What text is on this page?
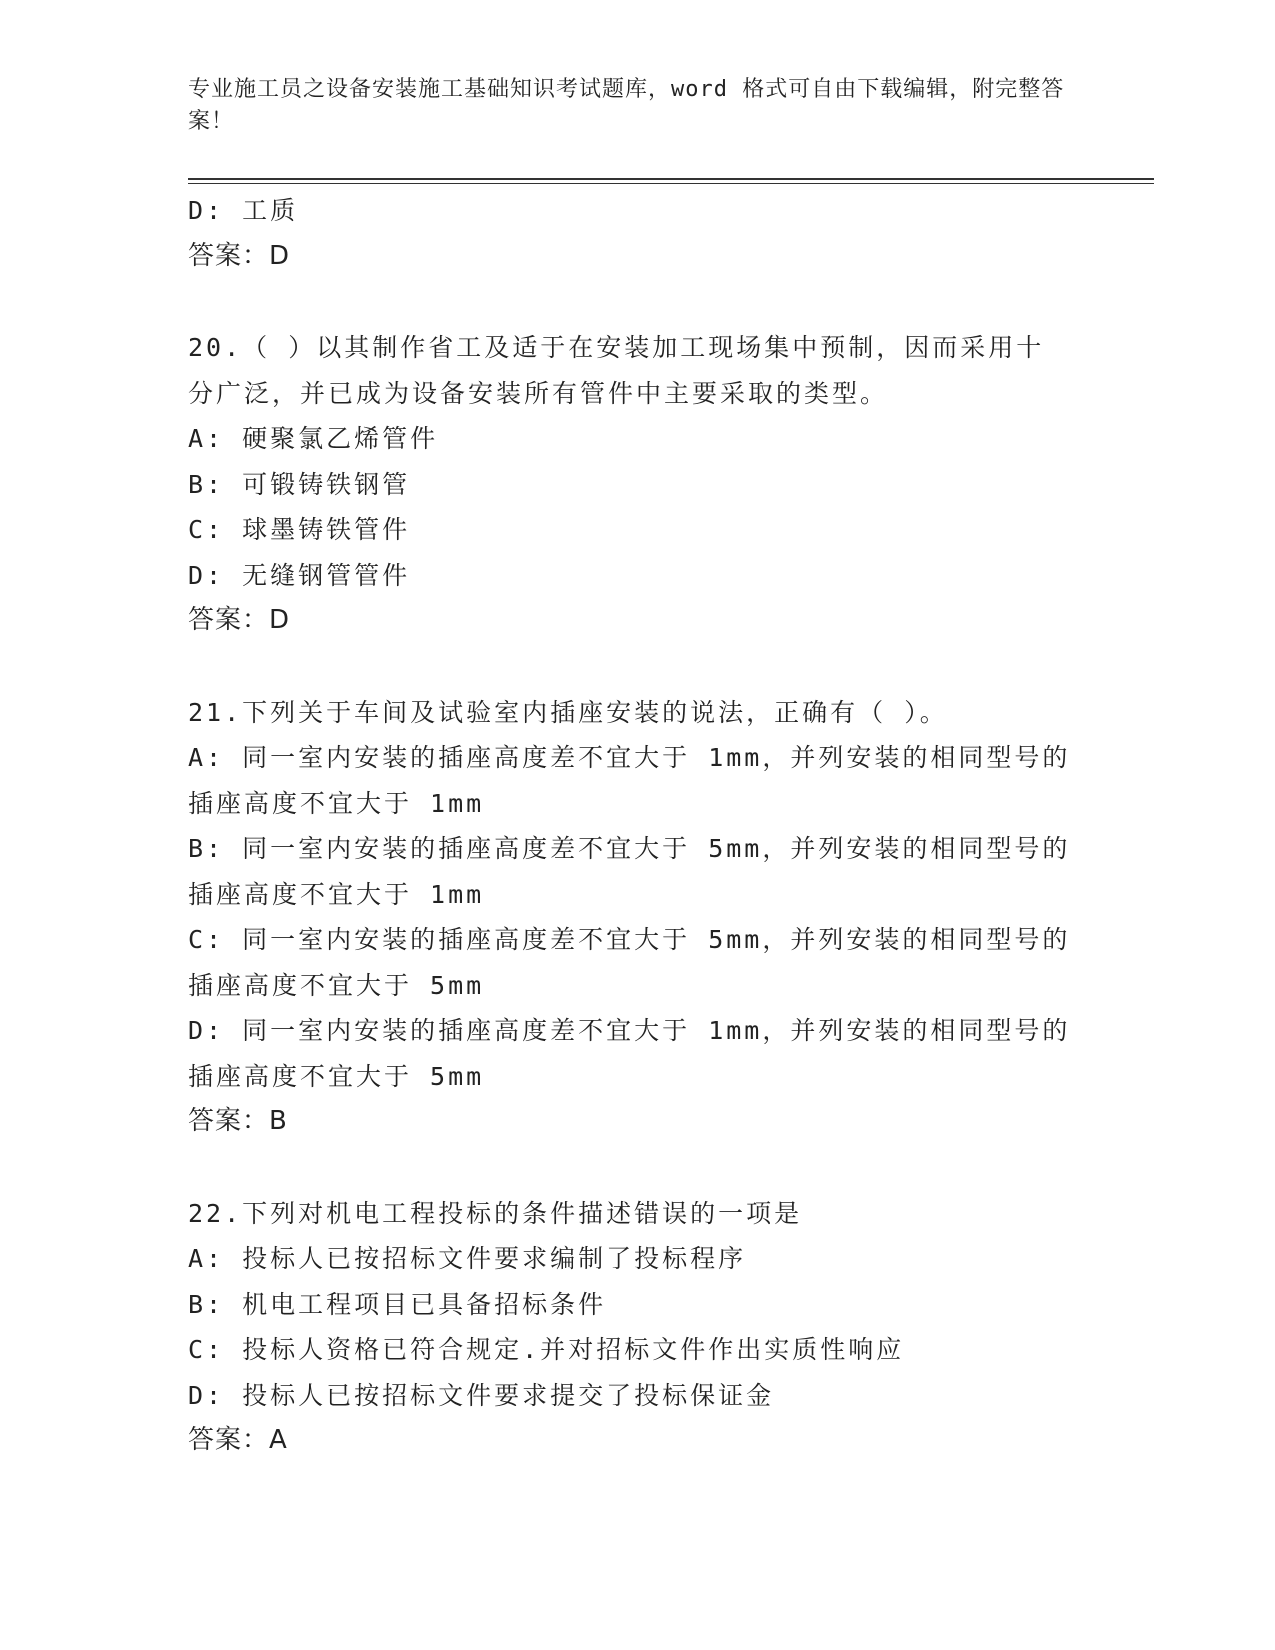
专业施工员之设备安装施工基础知识考试题库，word 格式可自由下载编辑，附完整答案！
D: 工质
答案：D
20.（ ）以其制作省工及适于在安装加工现场集中预制，因而采用十
分广泛，并已成为设备安装所有管件中主要采取的类型。
A: 硬聚氯乙烯管件
B: 可锻铸铁钢管
C: 球墨铸铁管件
D: 无缝钢管管件
答案：D
21.下列关于车间及试验室内插座安装的说法，正确有（ ）。
A: 同一室内安装的插座高度差不宜大于 1mm，并列安装的相同型号的
插座高度不宜大于 1mm
B: 同一室内安装的插座高度差不宜大于 5mm，并列安装的相同型号的
插座高度不宜大于 1mm
C: 同一室内安装的插座高度差不宜大于 5mm，并列安装的相同型号的
插座高度不宜大于 5mm
D: 同一室内安装的插座高度差不宜大于 1mm，并列安装的相同型号的
插座高度不宜大于 5mm
答案：B
22.下列对机电工程投标的条件描述错误的一项是
A: 投标人已按招标文件要求编制了投标程序
B: 机电工程项目已具备招标条件
C: 投标人资格已符合规定.并对招标文件作出实质性响应
D: 投标人已按招标文件要求提交了投标保证金
答案：A
